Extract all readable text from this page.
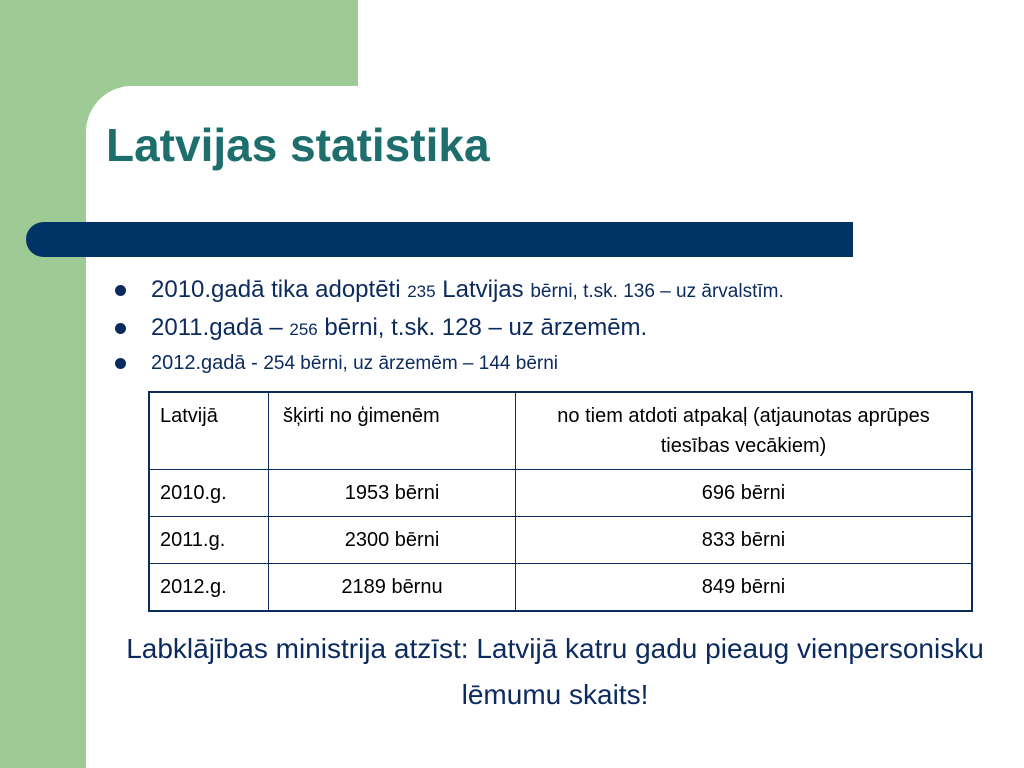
Latvijas statistika
2010.gadā tika adoptēti 235 Latvijas bērni, t.sk. 136 – uz ārvalstīm.
2011.gadā – 256 bērni, t.sk. 128 – uz ārzemēm.
2012.gadā - 254 bērni, uz ārzemēm – 144 bērni
Latvijā	šķirti no ģimenēm	no tiem atdoti atpakaļ (atjaunotas aprūpes tiesības vecākiem)
2010.g.	1953 bērni	696 bērni
2011.g.	2300 bērni	833 bērni
2012.g.	2189 bērnu	849 bērni

Labklājības ministrija atzīst: Latvijā katru gadu pieaug vienpersonisku lēmumu skaits!
